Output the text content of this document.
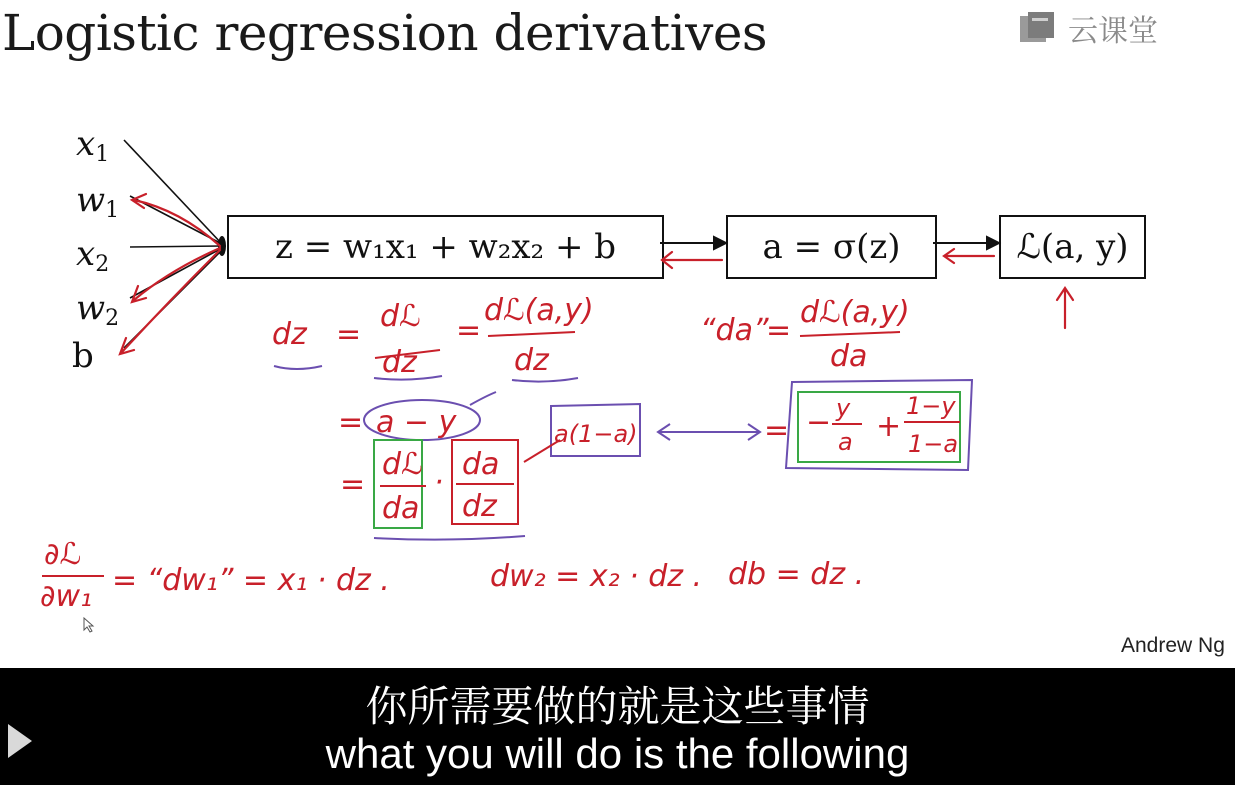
Logistic regression derivatives	云课堂
$x_1$
$w_1$
$x_2$
$w_2$
b
z = w₁x₁ + w₂x₂ + b	a = σ(z)	ℒ(a, y)
dz =
dℒ
dz
=
dℒ(a,y)
dz
“da”
=
dℒ(a,y)
da
= a − y	a(1−a)	= − y
a +
1−y
1−a
=
dℒ
da
·
da
dz
∂ℒ
∂w₁ = “dw₁” = x₁ · dz .	dw₂ = x₂ · dz . db = dz .
Andrew Ng
你所需要做的就是这些事情
what you will do is the following
